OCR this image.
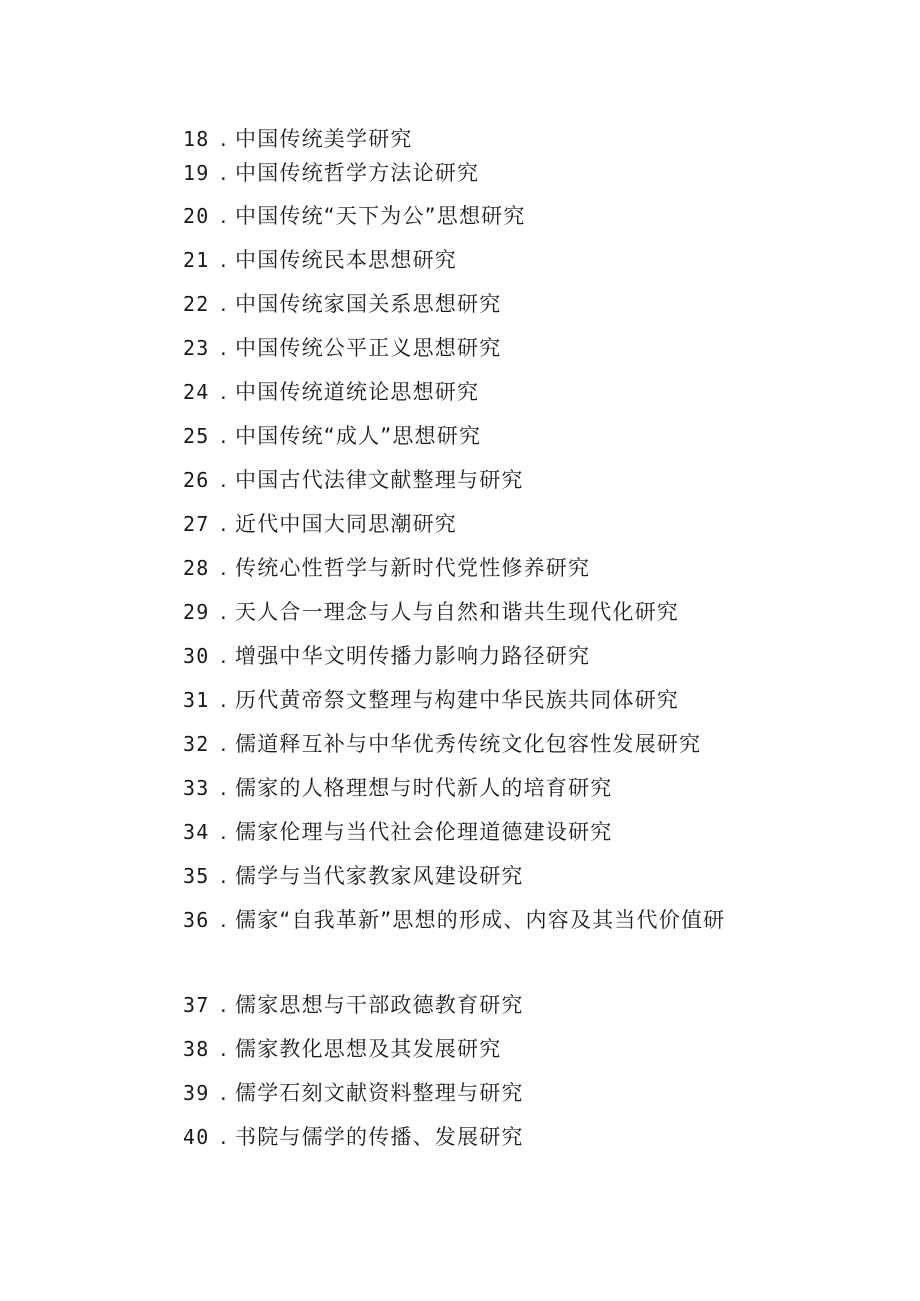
18 . 中国传统美学研究
19 . 中国传统哲学方法论研究
20 . 中国传统“天下为公”思想研究
21 . 中国传统民本思想研究
22 . 中国传统家国关系思想研究
23 . 中国传统公平正义思想研究
24 . 中国传统道统论思想研究
25 . 中国传统“成人”思想研究
26 . 中国古代法律文献整理与研究
27 . 近代中国大同思潮研究
28 . 传统心性哲学与新时代党性修养研究
29 . 天人合一理念与人与自然和谐共生现代化研究
30 . 增强中华文明传播力影响力路径研究
31 . 历代黄帝祭文整理与构建中华民族共同体研究
32 . 儒道释互补与中华优秀传统文化包容性发展研究
33 . 儒家的人格理想与时代新人的培育研究
34 . 儒家伦理与当代社会伦理道德建设研究
35 . 儒学与当代家教家风建设研究
36 . 儒家“自我革新”思想的形成、内容及其当代价值研
37 . 儒家思想与干部政德教育研究
38 . 儒家教化思想及其发展研究
39 . 儒学石刻文献资料整理与研究
40 . 书院与儒学的传播、发展研究
